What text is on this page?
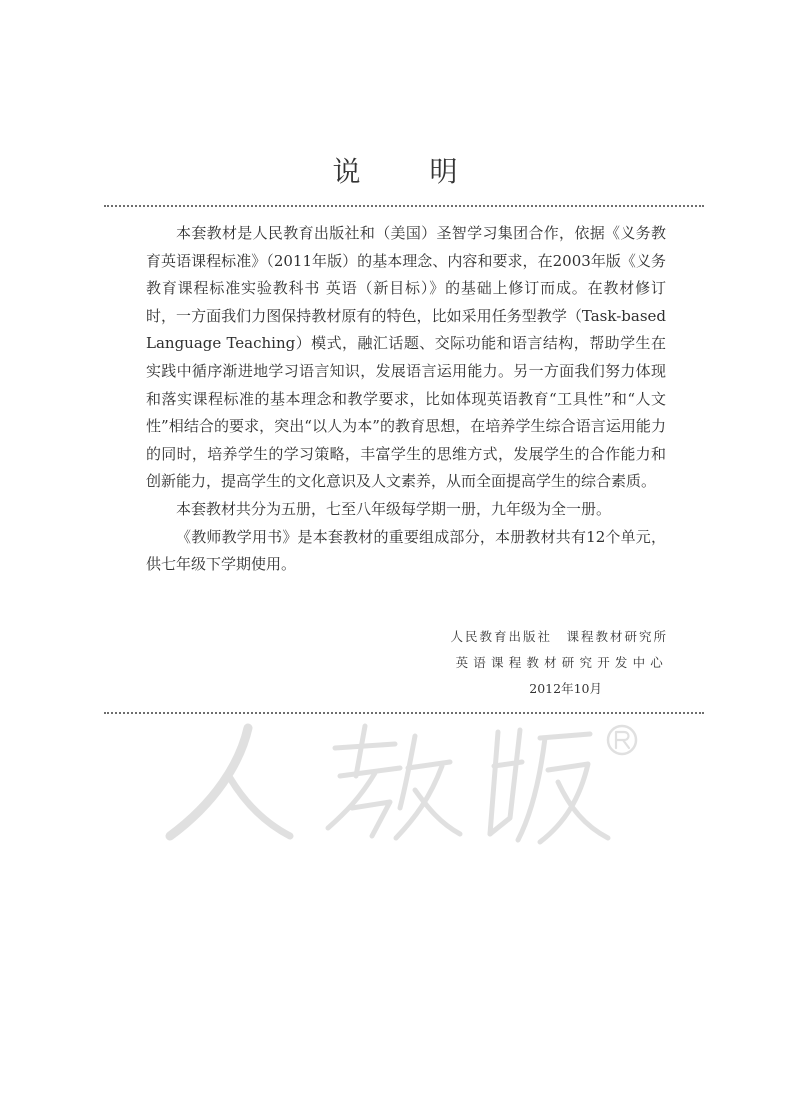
说 明

本套教材是人民教育出版社和（美国）圣智学习集团合作，依据《义务教育英语课程标准》（2011年版）的基本理念、内容和要求，在2003年版《义务教育课程标准实验教科书 英语（新目标）》的基础上修订而成。在教材修订时，一方面我们力图保持教材原有的特色，比如采用任务型教学（Task-based Language Teaching）模式，融汇话题、交际功能和语言结构，帮助学生在实践中循序渐进地学习语言知识，发展语言运用能力。另一方面我们努力体现和落实课程标准的基本理念和教学要求，比如体现英语教育“工具性”和“人文性”相结合的要求，突出“以人为本”的教育思想，在培养学生综合语言运用能力的同时，培养学生的学习策略，丰富学生的思维方式，发展学生的合作能力和创新能力，提高学生的文化意识及人文素养，从而全面提高学生的综合素质。

本套教材共分为五册，七至八年级每学期一册，九年级为全一册。

《教师教学用书》是本套教材的重要组成部分，本册教材共有12个单元，供七年级下学期使用。

人民教育出版社　课程教材研究所
英语课程教材研究开发中心
2012年10月
